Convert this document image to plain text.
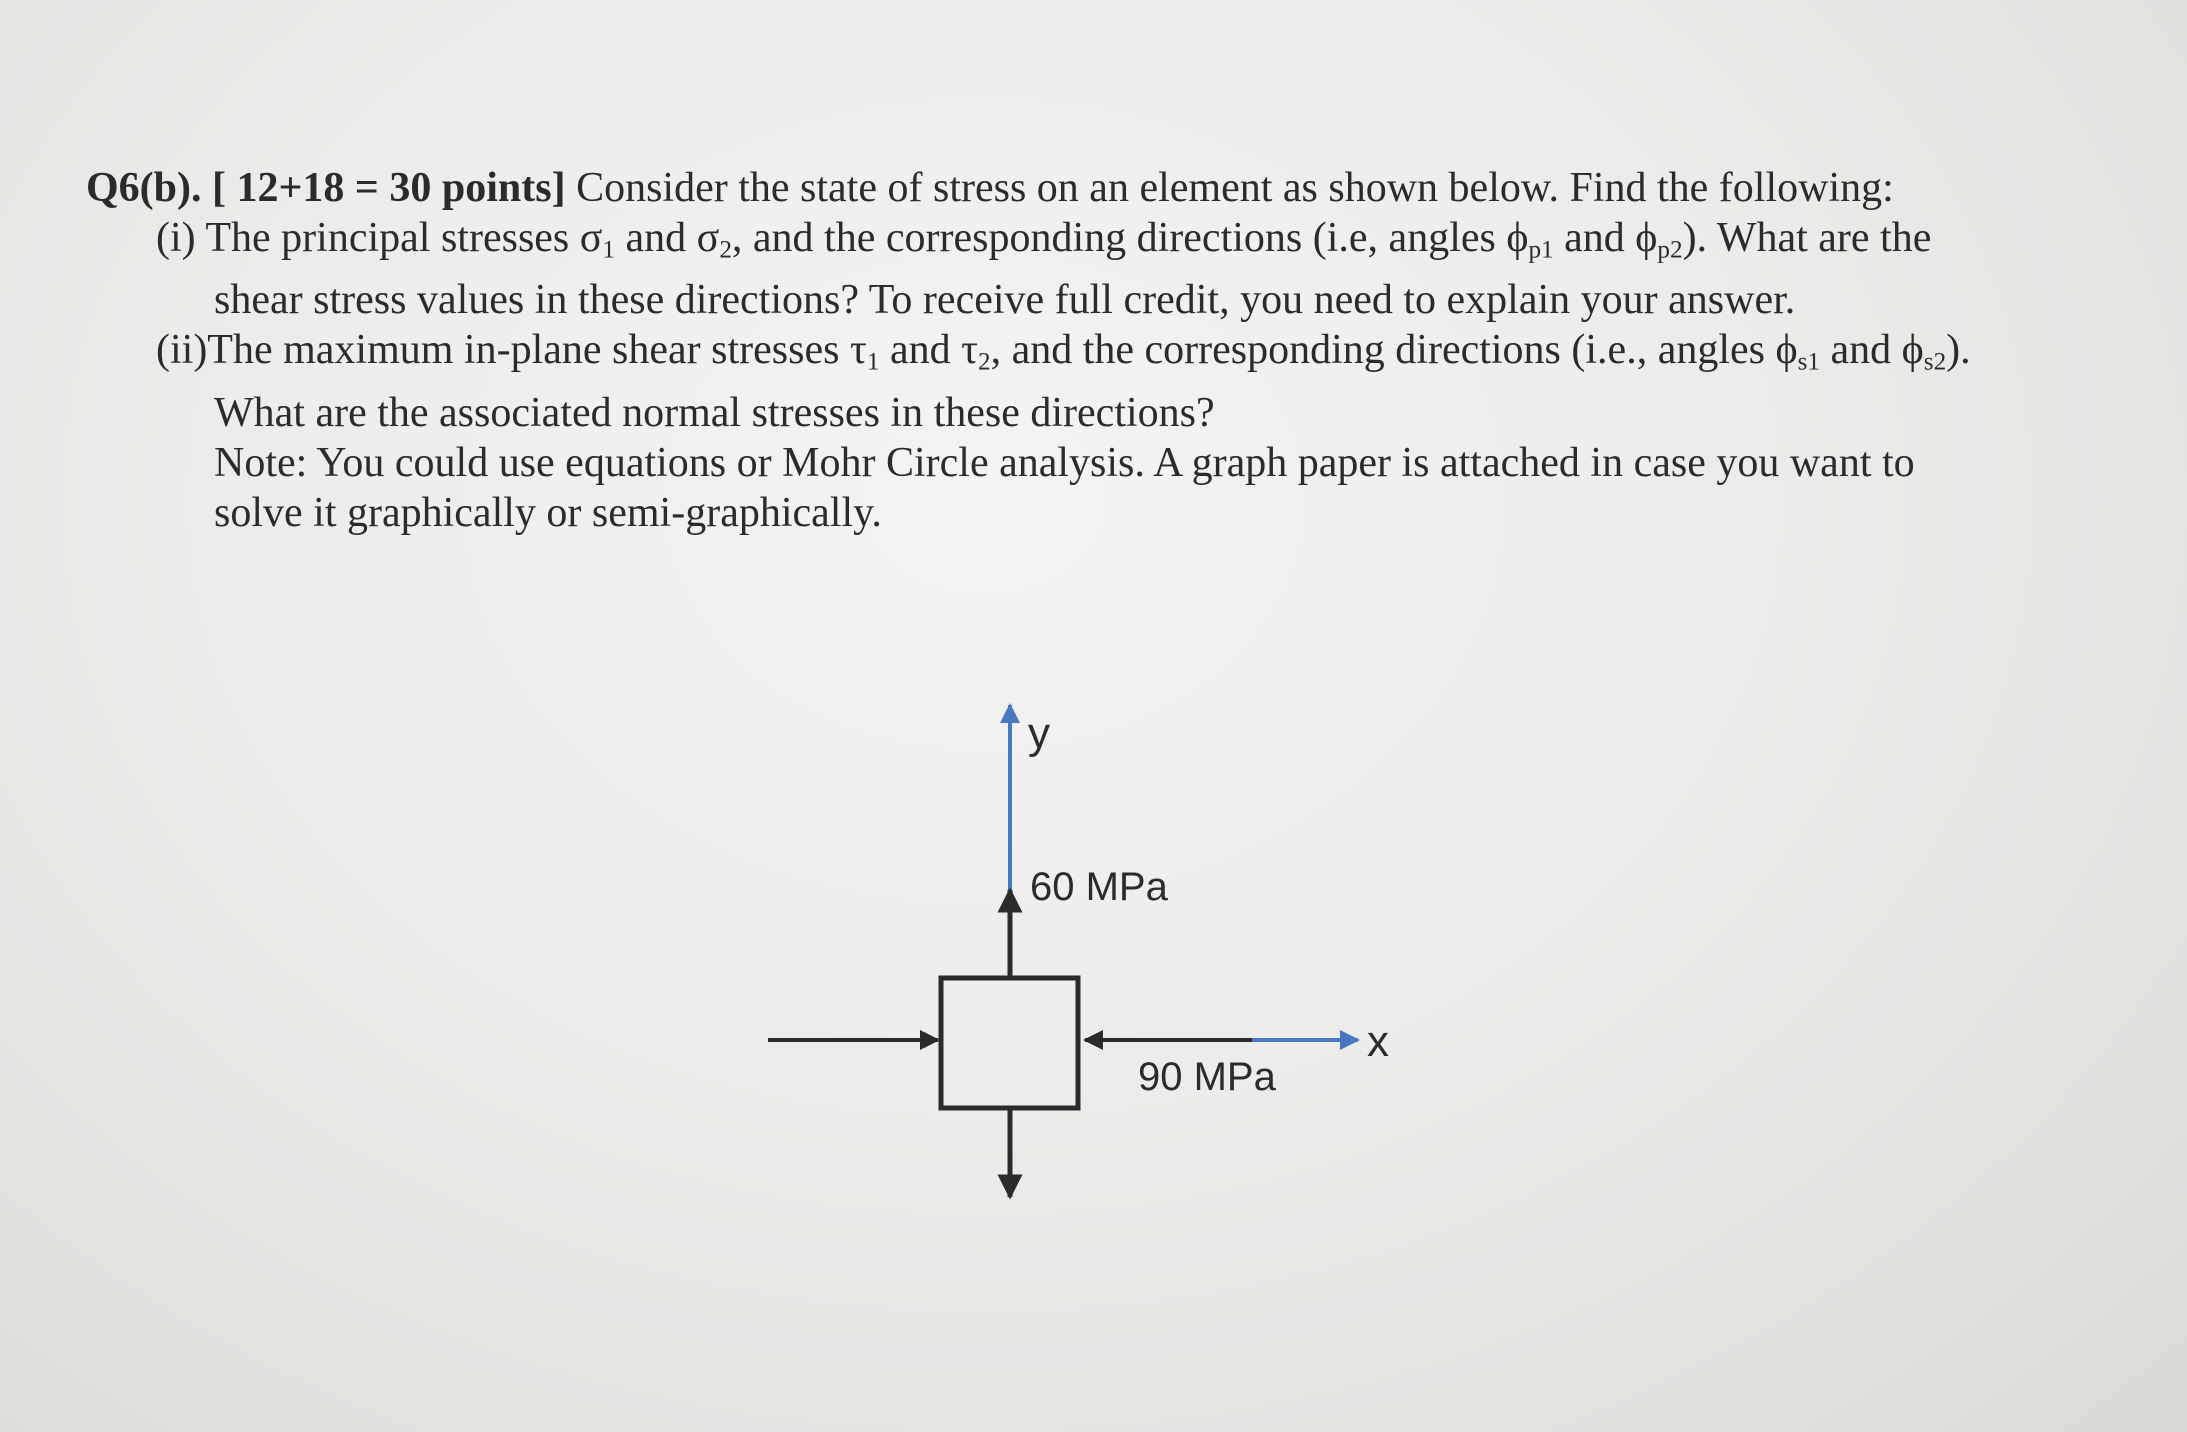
Q6(b). [ 12+18 = 30 points] Consider the state of stress on an element as shown below. Find the following:
(i) The principal stresses $\sigma_1$ and $\sigma_2$, and the corresponding directions (i.e, angles $\phi_{p1}$ and $\phi_{p2}$). What are the
shear stress values in these directions? To receive full credit, you need to explain your answer.
(ii)The maximum in-plane shear stresses $\tau_1$ and $\tau_2$, and the corresponding directions (i.e., angles $\phi_{s1}$ and $\phi_{s2}$).
What are the associated normal stresses in these directions?
Note: You could use equations or Mohr Circle analysis. A graph paper is attached in case you want to
solve it graphically or semi-graphically.
y
x
60 MPa
90 MPa
